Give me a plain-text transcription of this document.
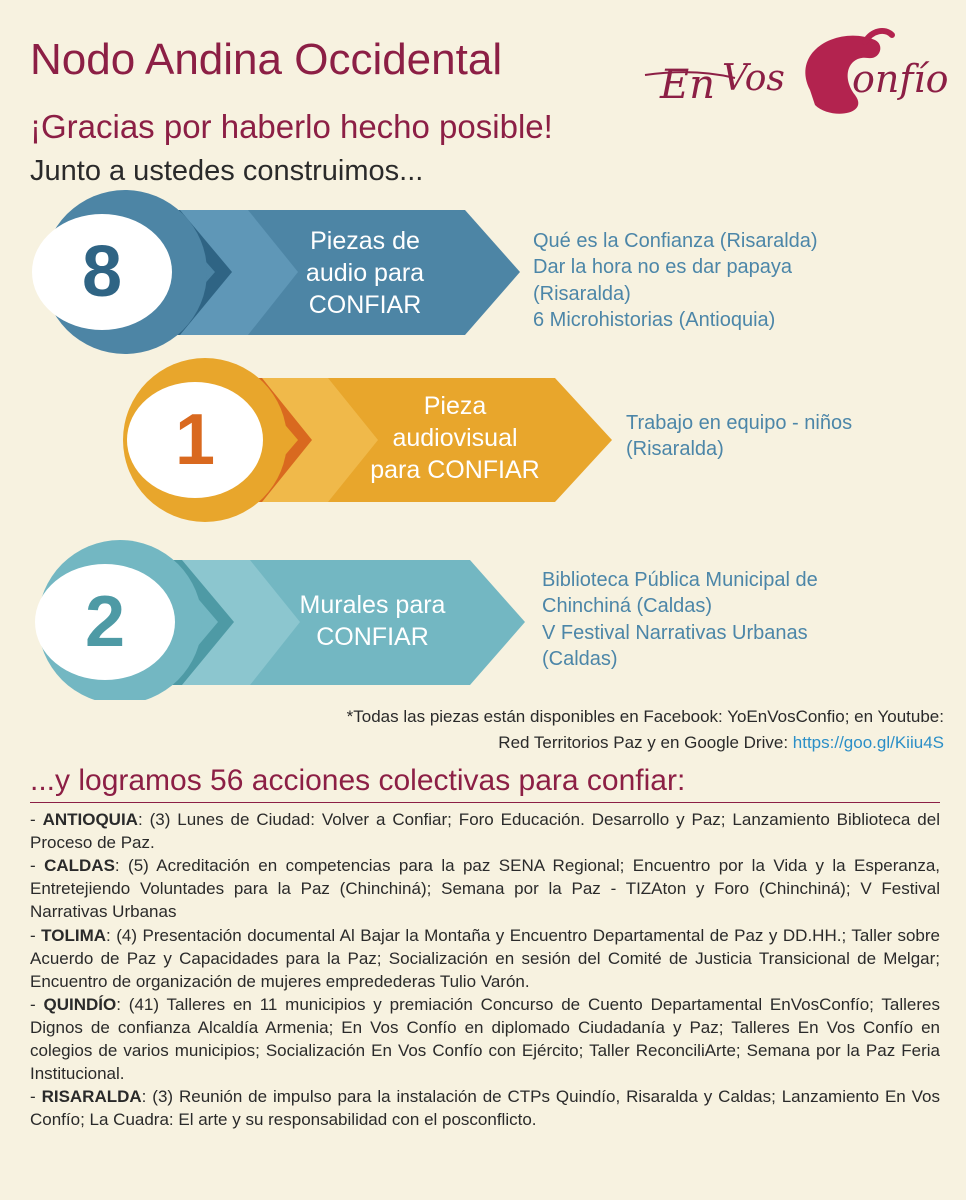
Nodo Andina Occidental
¡Gracias por haberlo hecho posible!
Junto a ustedes construimos...
En Vos onfío
8
1
2
Piezas de
audio para
CONFIAR
Pieza
audiovisual
para CONFIAR
Murales para
CONFIAR
Qué es la Confianza (Risaralda)
Dar la hora no es dar papaya
(Risaralda)
6 Microhistorias (Antioquia)
Trabajo en equipo - niños
(Risaralda)
Biblioteca Pública Municipal de
Chinchiná (Caldas)
V Festival Narrativas Urbanas
(Caldas)
*Todas las piezas están disponibles en Facebook: YoEnVosConfio; en Youtube: Red Territorios Paz y en Google Drive: https://goo.gl/Kiiu4S
...y logramos 56 acciones colectivas para confiar:

- ANTIOQUIA: (3) Lunes de Ciudad: Volver a Confiar; Foro Educación. Desarrollo y Paz; Lanzamiento Biblioteca del Proceso de Paz.

- CALDAS: (5) Acreditación en competencias para la paz SENA Regional; Encuentro por la Vida y la Esperanza, Entretejiendo Voluntades para la Paz (Chinchiná); Semana por la Paz - TIZAton y Foro (Chinchiná); V Festival Narrativas Urbanas

- TOLIMA: (4) Presentación documental Al Bajar la Montaña y Encuentro Departamental de Paz y DD.HH.; Taller sobre Acuerdo de Paz y Capacidades para la Paz; Socialización en sesión del Comité de Justicia Transicional de Melgar; Encuentro de organización de mujeres empredederas Tulio Varón.

- QUINDÍO: (41) Talleres en 11 municipios y premiación Concurso de Cuento Departamental EnVosConfío; Talleres Dignos de confianza Alcaldía Armenia; En Vos Confío en diplomado Ciudadanía y Paz; Talleres En Vos Confío en colegios de varios municipios; Socialización En Vos Confío con Ejército; Taller ReconciliArte; Semana por la Paz Feria Institucional.

- RISARALDA: (3) Reunión de impulso para la instalación de CTPs Quindío, Risaralda y Caldas; Lanzamiento En Vos Confío; La Cuadra: El arte y su responsabilidad con el posconflicto.
